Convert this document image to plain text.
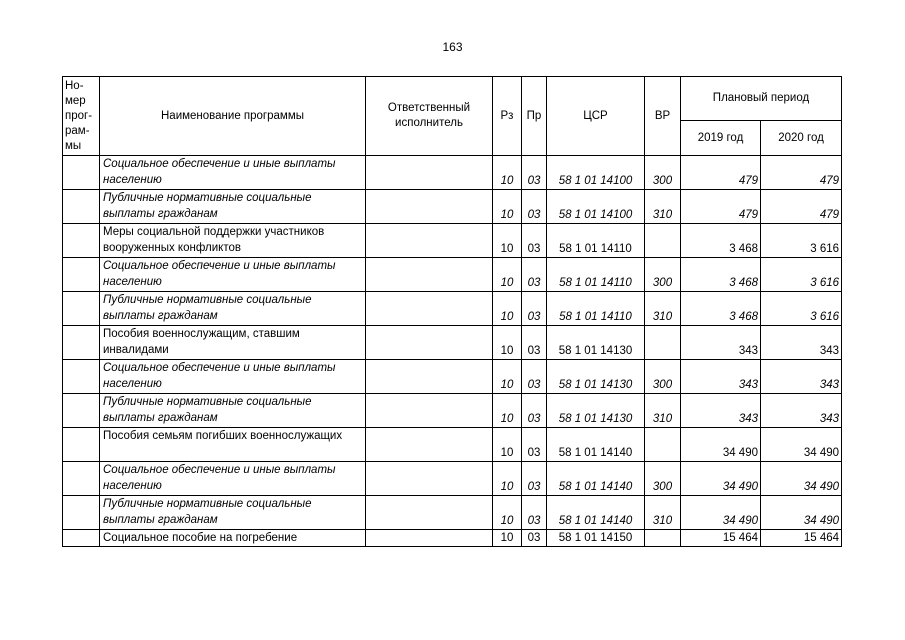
163
Но-
мер
прог-
рам-
мы	Наименование программы	Ответственный исполнитель	Рз	Пр	ЦСР	ВР	Плановый период	
							2019 год	2020 год
	Социальное обеспечение и иные выплаты населению		10	03	58 1 01 14100	300	479	479
	Публичные нормативные социальные выплаты гражданам		10	03	58 1 01 14100	310	479	479
	Меры социальной поддержки участников вооруженных конфликтов		10	03	58 1 01 14110		3 468	3 616
	Социальное обеспечение и иные выплаты населению		10	03	58 1 01 14110	300	3 468	3 616
	Публичные нормативные социальные выплаты гражданам		10	03	58 1 01 14110	310	3 468	3 616
	Пособия военнослужащим, ставшим инвалидами		10	03	58 1 01 14130		343	343
	Социальное обеспечение и иные выплаты населению		10	03	58 1 01 14130	300	343	343
	Публичные нормативные социальные выплаты гражданам		10	03	58 1 01 14130	310	343	343
	Пособия семьям погибших военнослужащих		10	03	58 1 01 14140		34 490	34 490
	Социальное обеспечение и иные выплаты населению		10	03	58 1 01 14140	300	34 490	34 490
	Публичные нормативные социальные выплаты гражданам		10	03	58 1 01 14140	310	34 490	34 490
	Социальное пособие на погребение		10	03	58 1 01 14150		15 464	15 464
